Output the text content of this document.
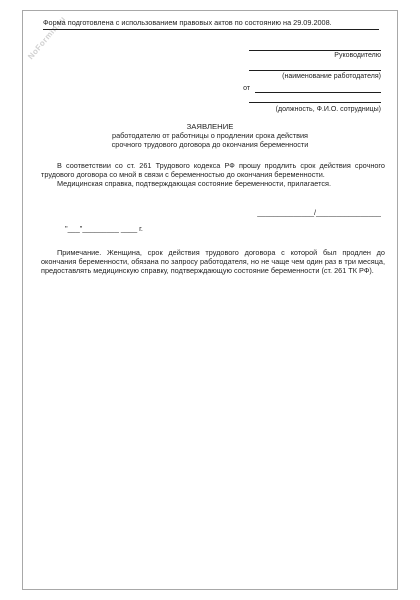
NoFormin.ru
Форма подготовлена с использованием правовых актов по состоянию на 29.09.2008.
Руководителю
(наименование работодателя)
от
(должность, Ф.И.О. сотрудницы)
ЗАЯВЛЕНИЕ
работодателю от работницы о продлении срока действия
срочного трудового договора до окончания беременности

В соответствии со ст. 261 Трудового кодекса РФ прошу продлить срок действия срочного трудового договора со мной в связи с беременностью до окончания беременности.

Медицинская справка, подтверждающая состояние беременности, прилагается.

______________/________________
"___"_________ ____ г.

Примечание. Женщина, срок действия трудового договора с которой был продлен до окончания беременности, обязана по запросу работодателя, но не чаще чем один раз в три месяца, предоставлять медицинскую справку, подтверждающую состояние беременности (ст. 261 ТК РФ).
